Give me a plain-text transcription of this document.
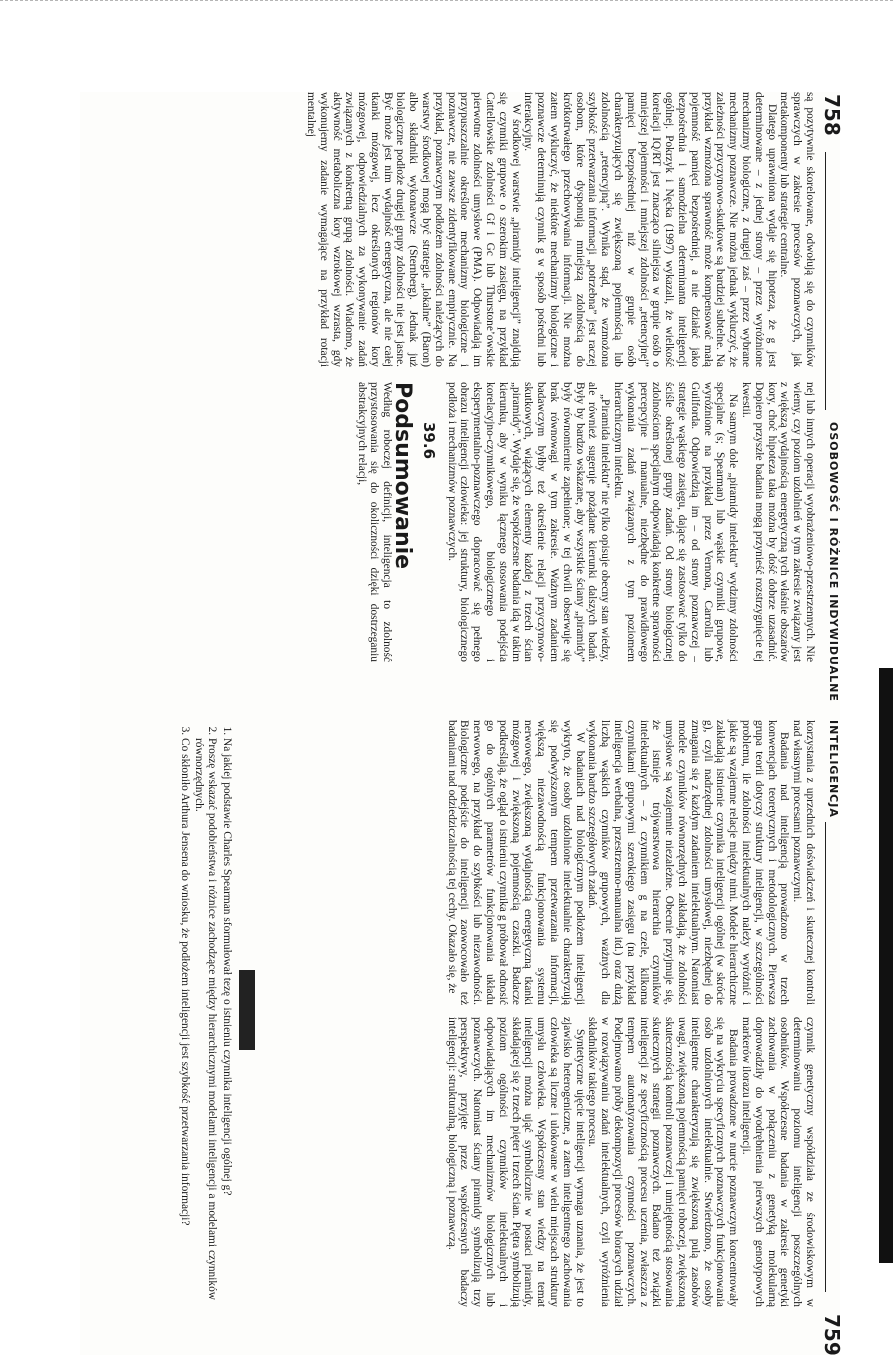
758
OSOBOWOŚĆ I RÓŻNICE INDYWIDUALNE

są pozytywnie skorelowane, odwołują się do czynników sprawczych w zakresie procesów poznawczych, jak metakomponenty lub strategie centralne.

Dlatego uprawniona wydaje się hipoteza, że g jest determinowane – z jednej strony – przez wyróżnione mechanizmy biologiczne, z drugiej zaś – przez wybrane mechanizmy poznawcze. Nie można jednak wykluczyć, że zależności przyczynowo-skutkowe są bardziej subtelne. Na przykład wzmożona sprawność może kompensować małą pojemność pamięci bezpośredniej, a nie działać jako bezpośrednia i samodzielna determinanta inteligencji ogólnej. Pokrzyk i Nęcka (1997) wykazali, że wielkość korelacji IQ/RT jest znacząco silniejsza w grupie osób o mniejszej pojemności i mniejszej zdolności „retencyjnej” pamięci bezpośredniej niż w grupie osób charakteryzujących się zwiększoną pojemnością lub zdolnością „retencyjną”. Wynika stąd, że wzmożona szybkość przetwarzania informacji „potrzebna” jest raczej osobom, które dysponują mniejszą zdolnością do krótkotrwałego przechowywania informacji. Nie można zatem wykluczyć, że niektóre mechanizmy biologiczne i poznawcze determinują czynnik g w sposób pośredni lub interakcyjny.

W środkowej warstwie „piramidy inteligencji” znajdują się czynniki grupowe o szerokim zasięgu, na przykład Cattellowskie zdolności Gf i Gc lub Thurstone’owskie pierwotne zdolności umysłowe (PMA). Odpowiadają im przypuszczalnie określone mechanizmy biologiczne i poznawcze, nie zawsze zidentyfikowane empirycznie. Na przykład, poznawczym podłożem zdolności należących do warstwy środkowej mogą być strategie „lokalne” (Baron) albo składniki wykonawcze (Sternberg). Jednak już biologiczne podłoże drugiej grupy zdolności nie jest jasne. Być może jest nim wydajność energetyczna, ale nie całej tkanki mózgowej, lecz określonych regionów kory mózgowej, odpowiedzialnych za wykonywanie zadań związanych z konkretną grupą zdolności. Wiadomo, że aktywność metaboliczna kory wzrokowej wzrasta, gdy wykonujemy zadanie wymagające na przykład rotacji mentalnej

nej lub innych operacji wyobrażeniowo-przestrzennych. Nie wiemy, czy poziom uzdolnień w tym zakresie związany jest z większą wydajnością energetyczną tych właśnie obszarów kory, choć hipoteza taka można by dość dobrze uzasadnić. Dopiero przyszłe badania mogą przynieść rozstrzygnięcie tej kwestii.

Na samym dole „piramidy intelektu” wydzimy zdolności specjalne (s; Spearman) lub wąskie czynniki grupowe, wyróżnione na przykład przez Vernona, Carrolla lub Guilforda. Odpowiedzią im – od strony poznawczej – strategie wąskiego zasięgu, dające się zastosować tylko do ściśle określonej grupy zadań. Od strony biologicznej zdolnościom specjalnym odpowiadają konkretne sprawności percepcyjne i manualne, niezbędne do prawidłowego wykonania zadań związanych z tym poziomem hierarchicznym intelektu.

„Piramida intelektu” nie tylko opisuje obecny stan wiedzy, ale również sugeruje pożądane kierunki dalszych badań. Były by bardzo wskazane, aby wszystkie ściany „piramidy” były równomiernie zapełnione; w tej chwili obserwuje się brak równowagi w tym zakresie. Ważnym zadaniem badawczym byłby też określenie relacji przyczynowo-skutkowych, wiążących elementy każdej z trzech ścian „piramidy”. Wydaje się, że współczesne badania idą w takim kierunku, aby w wyniku łącznego stosowania podejścia korelacyjno-czynnikowego, biologicznego i eksperymentalno-poznawczego dopracować się pełnego obrazu inteligencji człowieka: jej struktury, biologicznego podłoża i mechanizmów poznawczych.

39.6
Podsumowanie

Według roboczej definicji, inteligencja to zdolność przystosowania się do okoliczności dzięki dostrzeganiu abstrakcyjnych relacji,

INTELIGENCJA
759

korzystania z uprzednich doświadczeń i skutecznej kontroli nad własnymi procesami poznawczymi.

Badania nad inteligencją prowadzono w trzech konwencjach teoretycznych i metodologicznych. Pierwsza grupa teorii dotyczy struktury inteligencji, w szczególności problemu, ile zdolności intelektualnych należy wyróżnić i jakie są wzajemne relacje między nimi. Modele hierarchiczne zakładają istnienie czynnika inteligencji ogólnej (w skrócie g), czyli nadrzędnej zdolności umysłowej, niezbędnej do zmagania się z każdym zadaniem intelektualnym. Natomiast modele czynników równorzędnych zakładają, że zdolności umysłowe są wzajemnie niezależne. Obecnie przyjmuje się, że istnieje trójwarstwowa hierarchia czynników intelektualnych – z czynnikiem g na czele, kilkoma czynnikami grupowymi szerokiego zasięgu (na przykład inteligencja werbalna, przestrzenno-manualna itd.) oraz dużą liczbą wąskich czynników grupowych, ważnych dla wykonania bardzo szczegółowych zadań.

W badaniach nad biologicznym podłożem inteligencji wykryto, że osoby uzdolnione intelektualnie charakteryzują się podwyższonym tempem przetwarzania informacji, większą niezawodnością funkcjonowania systemu nerwowego, zwiększoną wydajnością energetyczną tkanki mózgowej i zwiększoną pojemnością czaszki. Badacze podkreślają, że ogląd o istnieniu czynnika g próbował odnosić go do ogólnych parametrów funkcjonowania układu nerwowego, na przykład do szybkości lub niezawodności. Biologiczne podejście do inteligencji zaowocowało też badaniami nad odziedziczalnością tej cechy. Okazało się, że

czynnik genetyczny współdziała ze środowiskowym w determinowaniu poziomu inteligencji poszczególnych osobników. Współczesne badania w zakresie genetyki zachowania w połączeniu z genetyką molekularną doprowadziły do wyodrębnienia pierwszych genotypowych markerów ilorazu inteligencji.

Badania prowadzone w nurcie poznawczym koncentrowały się na wykryciu specyficznych poznawczych funkcjonowania osób uzdolnionych intelektualnie. Stwierdzono, że osoby inteligentne charakteryzują się zwiększoną pulą zasobów uwagi, zwiększoną pojemnością pamięci roboczej, zwiększoną skutecznością kontroli poznawczej i umiejętnością stosowania skutecznych strategii poznawczych. Badano też związki inteligencji ze specyficznością procesu uczenia, zwłaszcza z tempem automatyzowania czynności poznawczych. Podejmowano próby dekompozycji procesów bioracych udział w rozwiązywaniu zadań intelektualnych, czyli wyróżnienia składników takiego procesu.

Syntetyczne ujęcie inteligencji wymaga uznania, że jest to zjawisko heterogeniczne, a zatem inteligentnego zachowania człowieka są liczne i ulokowane w wielu miejscach struktury umysłu człowieka. Współczesny stan wiedzy na temat inteligencji można ująć symbolicznie w postaci piramidy, składającej się z trzech pięter i trzech ścian. Piętra symbolizują poziom ogólności czynników intelektualnych i odpowiadających im mechanizmów biologicznych lub poznawczych. Natomiast ściany piramidy symbolizują trzy perspektywy, przyjęte przez współczesnych badaczy inteligencji: strukturalną, biologiczną i poznawczą.

1. Na jakiej podstawie Charles Spearman sformułował tezę o istnieniu czynnika inteligencji ogólnej g?
2. Proszę wskazać podobieństwa i różnice zachodzące między hierarchicznymi modelami inteligencji a modelami czynników równorzędnych.
3. Co skłoniło Arthura Jensena do wniosku, że podłożem inteligencji jest szybkość przetwarzania informacji?
